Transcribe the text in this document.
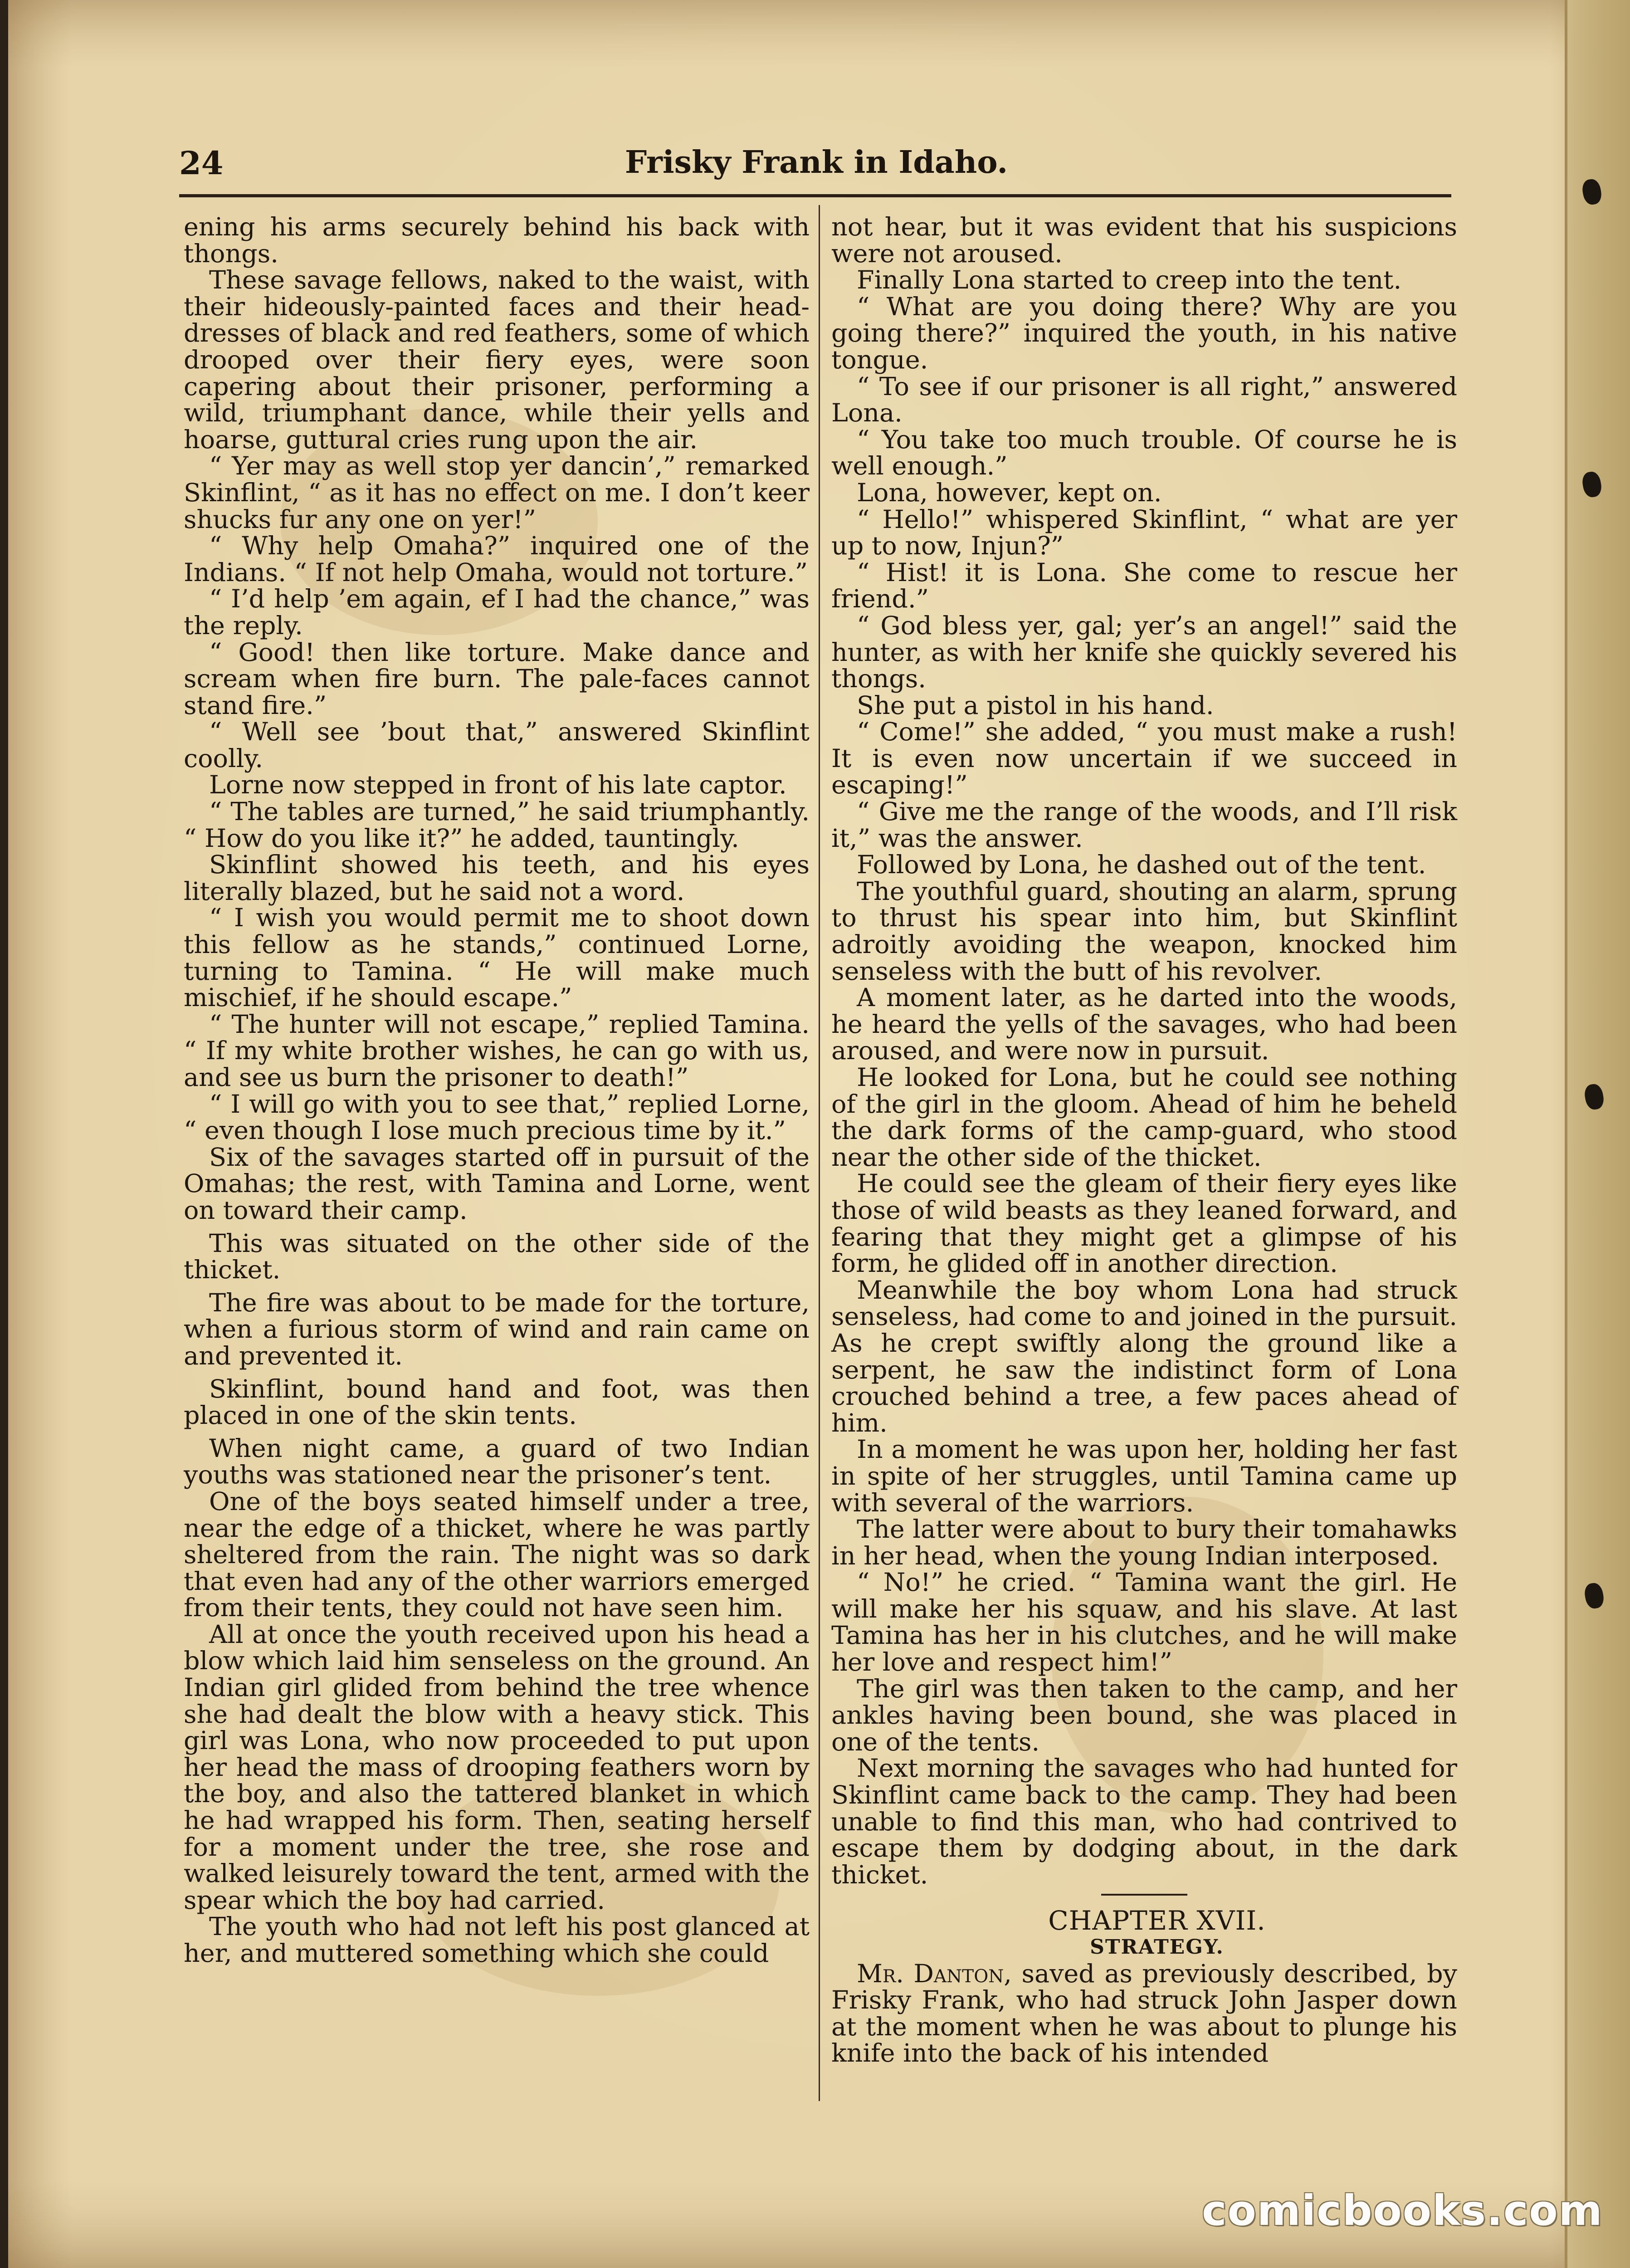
24	Frisky Frank in Idaho.

ening his arms securely behind his back with thongs.

These savage fellows, naked to the waist, with their hideously-painted faces and their head-dresses of black and red feathers, some of which drooped over their fiery eyes, were soon capering about their prisoner, performing a wild, triumphant dance, while their yells and hoarse, guttural cries rung upon the air.

“ Yer may as well stop yer dancin’,” remarked Skinflint, “ as it has no effect on me. I don’t keer shucks fur any one on yer!”

“ Why help Omaha?” inquired one of the Indians. “ If not help Omaha, would not torture.”

“ I’d help ’em again, ef I had the chance,” was the reply.

“ Good! then like torture. Make dance and scream when fire burn. The pale-faces cannot stand fire.”

“ Well see ’bout that,” answered Skinflint coolly.

Lorne now stepped in front of his late captor.

“ The tables are turned,” he said triumphantly. “ How do you like it?” he added, tauntingly.

Skinflint showed his teeth, and his eyes literally blazed, but he said not a word.

“ I wish you would permit me to shoot down this fellow as he stands,” continued Lorne, turning to Tamina. “ He will make much mischief, if he should escape.”

“ The hunter will not escape,” replied Tamina. “ If my white brother wishes, he can go with us, and see us burn the prisoner to death!”

“ I will go with you to see that,” replied Lorne, “ even though I lose much precious time by it.”

Six of the savages started off in pursuit of the Omahas; the rest, with Tamina and Lorne, went on toward their camp.

This was situated on the other side of the thicket.

The fire was about to be made for the torture, when a furious storm of wind and rain came on and prevented it.

Skinflint, bound hand and foot, was then placed in one of the skin tents.

When night came, a guard of two Indian youths was stationed near the prisoner’s tent.

One of the boys seated himself under a tree, near the edge of a thicket, where he was partly sheltered from the rain. The night was so dark that even had any of the other warriors emerged from their tents, they could not have seen him.

All at once the youth received upon his head a blow which laid him senseless on the ground. An Indian girl glided from behind the tree whence she had dealt the blow with a heavy stick. This girl was Lona, who now proceeded to put upon her head the mass of drooping feathers worn by the boy, and also the tattered blanket in which he had wrapped his form. Then, seating herself for a moment under the tree, she rose and walked leisurely toward the tent, armed with the spear which the boy had carried.

The youth who had not left his post glanced at her, and muttered something which she could

not hear, but it was evident that his suspicions were not aroused.

Finally Lona started to creep into the tent.

“ What are you doing there? Why are you going there?” inquired the youth, in his native tongue.

“ To see if our prisoner is all right,” answered Lona.

“ You take too much trouble. Of course he is well enough.”

Lona, however, kept on.

“ Hello!” whispered Skinflint, “ what are yer up to now, Injun?”

“ Hist! it is Lona. She come to rescue her friend.”

“ God bless yer, gal; yer’s an angel!” said the hunter, as with her knife she quickly severed his thongs.

She put a pistol in his hand.

“ Come!” she added, “ you must make a rush! It is even now uncertain if we succeed in escaping!”

“ Give me the range of the woods, and I’ll risk it,” was the answer.

Followed by Lona, he dashed out of the tent.

The youthful guard, shouting an alarm, sprung to thrust his spear into him, but Skinflint adroitly avoiding the weapon, knocked him senseless with the butt of his revolver.

A moment later, as he darted into the woods, he heard the yells of the savages, who had been aroused, and were now in pursuit.

He looked for Lona, but he could see nothing of the girl in the gloom. Ahead of him he beheld the dark forms of the camp-guard, who stood near the other side of the thicket.

He could see the gleam of their fiery eyes like those of wild beasts as they leaned forward, and fearing that they might get a glimpse of his form, he glided off in another direction.

Meanwhile the boy whom Lona had struck senseless, had come to and joined in the pursuit. As he crept swiftly along the ground like a serpent, he saw the indistinct form of Lona crouched behind a tree, a few paces ahead of him.

In a moment he was upon her, holding her fast in spite of her struggles, until Tamina came up with several of the warriors.

The latter were about to bury their tomahawks in her head, when the young Indian interposed.

“ No!” he cried. “ Tamina want the girl. He will make her his squaw, and his slave. At last Tamina has her in his clutches, and he will make her love and respect him!”

The girl was then taken to the camp, and her ankles having been bound, she was placed in one of the tents.

Next morning the savages who had hunted for Skinflint came back to the camp. They had been unable to find this man, who had contrived to escape them by dodging about, in the dark thicket.

CHAPTER XVII.

STRATEGY.

Mr. Danton, saved as previously described, by Frisky Frank, who had struck John Jasper down at the moment when he was about to plunge his knife into the back of his intended

comicbooks.com
